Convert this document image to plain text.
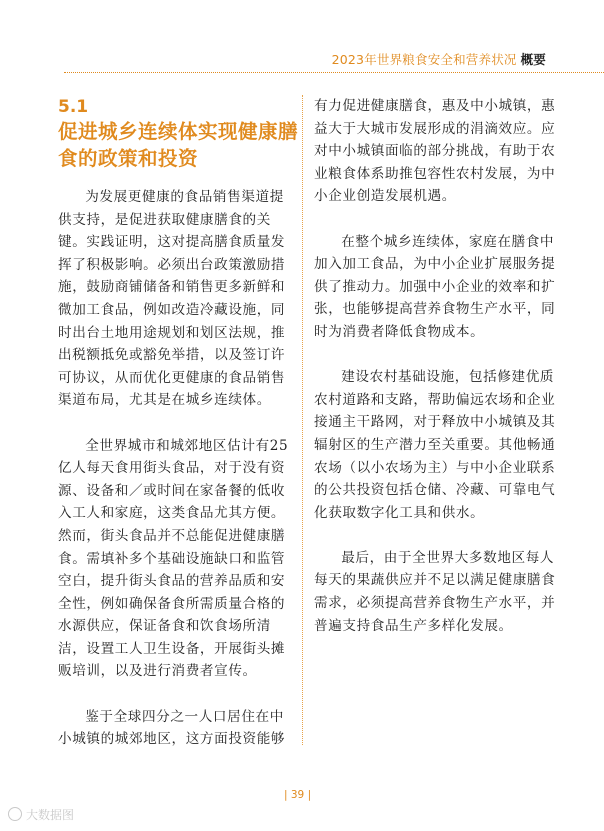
2023年世界粮食安全和营养状况 概要
5.1
促进城乡连续体实现健康膳食的政策和投资

为发展更健康的食品销售渠道提供支持，是促进获取健康膳食的关键。实践证明，这对提高膳食质量发挥了积极影响。必须出台政策激励措施，鼓励商铺储备和销售更多新鲜和微加工食品，例如改造冷藏设施，同时出台土地用途规划和划区法规，推出税额抵免或豁免举措，以及签订许可协议，从而优化更健康的食品销售渠道布局，尤其是在城乡连续体。

全世界城市和城郊地区估计有25亿人每天食用街头食品，对于没有资源、设备和／或时间在家备餐的低收入工人和家庭，这类食品尤其方便。然而，街头食品并不总能促进健康膳食。需填补多个基础设施缺口和监管空白，提升街头食品的营养品质和安全性，例如确保备食所需质量合格的水源供应，保证备食和饮食场所清洁，设置工人卫生设备，开展街头摊贩培训，以及进行消费者宣传。

鉴于全球四分之一人口居住在中小城镇的城郊地区，这方面投资能够

有力促进健康膳食，惠及中小城镇，惠益大于大城市发展形成的涓滴效应。应对中小城镇面临的部分挑战，有助于农业粮食体系助推包容性农村发展，为中小企业创造发展机遇。

在整个城乡连续体，家庭在膳食中加入加工食品，为中小企业扩展服务提供了推动力。加强中小企业的效率和扩张，也能够提高营养食物生产水平，同时为消费者降低食物成本。

建设农村基础设施，包括修建优质农村道路和支路，帮助偏远农场和企业接通主干路网，对于释放中小城镇及其辐射区的生产潜力至关重要。其他畅通农场（以小农场为主）与中小企业联系的公共投资包括仓储、冷藏、可靠电气化获取数字化工具和供水。

最后，由于全世界大多数地区每人每天的果蔬供应并不足以满足健康膳食需求，必须提高营养食物生产水平，并普遍支持食品生产多样化发展。

| 39 |
大数据图
